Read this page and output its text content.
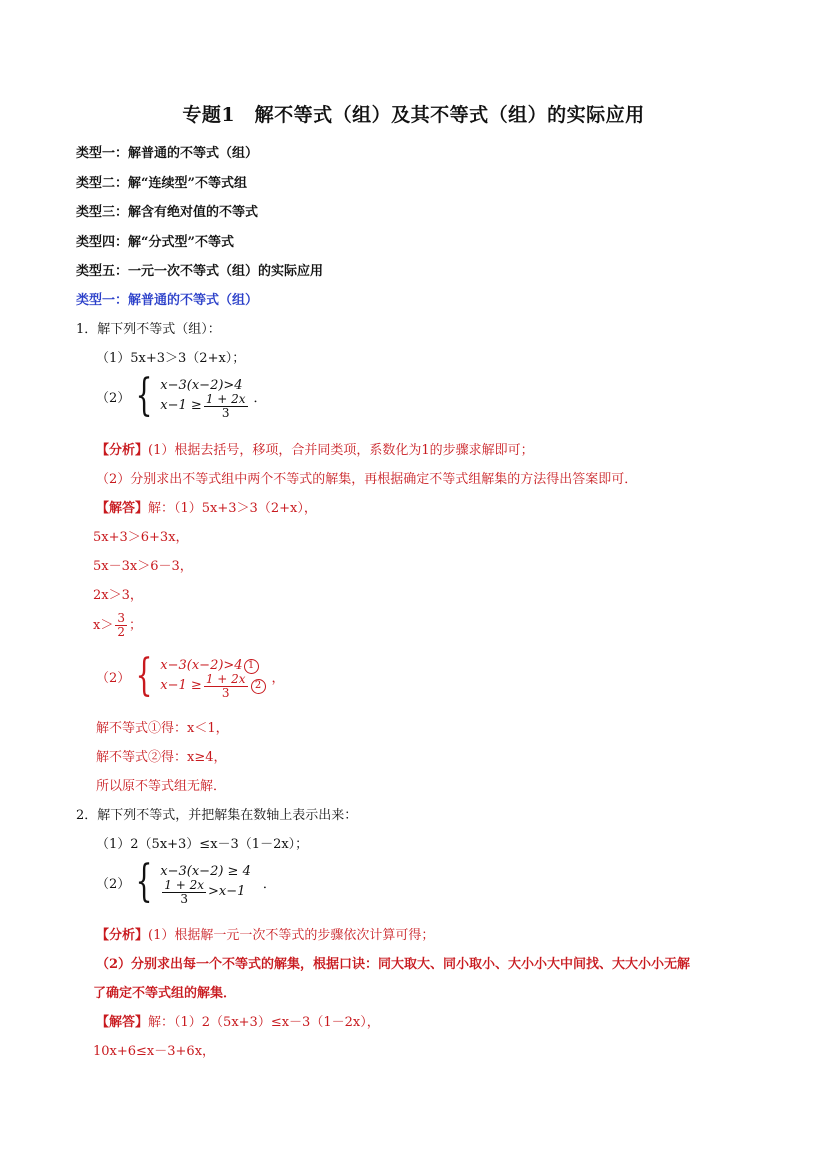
专题1　解不等式（组）及其不等式（组）的实际应用
类型一：解普通的不等式（组）
类型二：解“连续型”不等式组
类型三：解含有绝对值的不等式
类型四：解“分式型”不等式
类型五：一元一次不等式（组）的实际应用
类型一：解普通的不等式（组）
1．解下列不等式（组）：
（1）5x+3＞3（2+x）；
（2） { x−3(x−2)>4
$x-1 \ge \frac{1 + 2x}{3}$ ．
【分析】(1）根据去括号，移项，合并同类项，系数化为1的步骤求解即可；
（2）分别求出不等式组中两个不等式的解集，再根据确定不等式组解集的方法得出答案即可．
【解答】解：（1）5x+3＞3（2+x），
5x+3＞6+3x，
5x－3x＞6－3，
2x＞3，
$x> \frac{3}{2}$ ；
（2） { x−3(x−2)>4 1
$x-1 \ge \frac{1 + 2x}{3} 2$ ，
解不等式①得：x＜1，
解不等式②得：x≥4，
所以原不等式组无解．
2．解下列不等式，并把解集在数轴上表示出来：
（1）2（5x+3）≤x－3（1－2x）；
（2） { x−3(x−2) ≥ 4
$\frac{1 + 2x}{3} >x-1$ ．
【分析】(1）根据解一元一次不等式的步骤依次计算可得；
（2）分别求出每一个不等式的解集，根据口诀：同大取大、同小取小、大小小大中间找、大大小小无解
了确定不等式组的解集．
【解答】解：（1）2（5x+3）≤x－3（1－2x），
10x+6≤x－3+6x，
